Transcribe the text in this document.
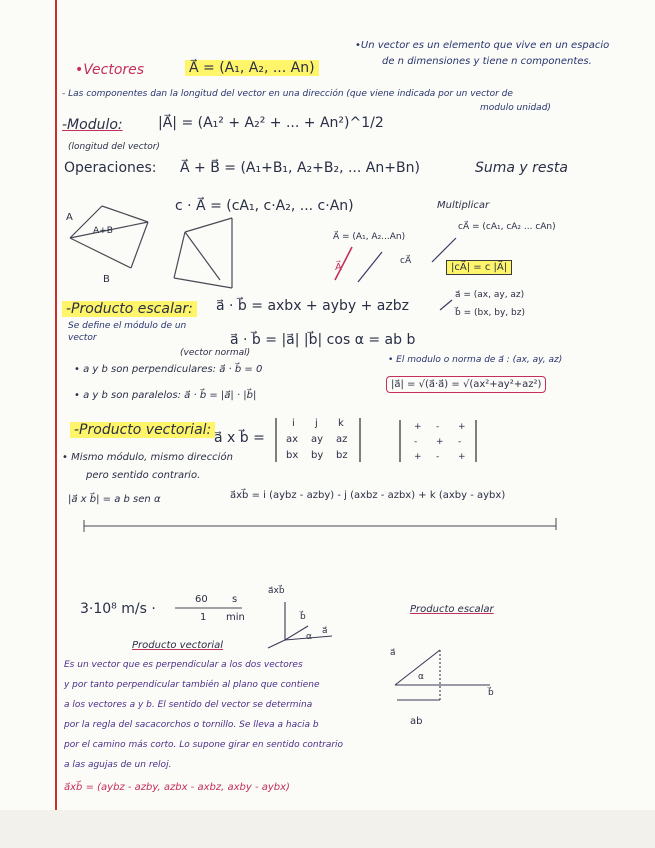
•Un vector es un elemento que vive en un espacio
de n dimensiones y tiene n componentes.
•Vectores	A⃗ = (A₁, A₂, ... An)
- Las componentes dan la longitud del vector en una dirección (que viene indicada por un vector de
modulo unidad)
-Modulo:	|A⃗| = (A₁² + A₂² + ... + An²)^1/2
(longitud del vector)
Operaciones: A⃗ + B⃗ = (A₁+B₁, A₂+B₂, ... An+Bn)	Suma y resta
c · A⃗ = (cA₁, c·A₂, ... c·An)	Multiplicar
A
A+B
B
A⃗ = (A₁, A₂...An)
A⃗
cA⃗
cA⃗ = (cA₁, cA₂ ... cAn)
|cA⃗| = c |A⃗|
-Producto escalar: a⃗ · b⃗ = axbx + ayby + azbz
Se define el módulo de un
vector
a⃗ = (ax, ay, az)
b⃗ = (bx, by, bz)
a⃗ · b⃗ = |a⃗| |b⃗| cos α = ab b
(vector normal)
• a y b son perpendiculares: a⃗ · b⃗ = 0
• El modulo o norma de a⃗ : (ax, ay, az)
|a⃗| = √(a⃗·a⃗) = √(ax²+ay²+az²)
• a y b son paralelos: a⃗ · b⃗ = |a⃗| · |b⃗|
-Producto vectorial: a⃗ x b⃗ =
i j k
ax ay az
bx by bz
+ - +
- + -
+ - +
• Mismo módulo, mismo dirección
pero sentido contrario.
|a⃗ x b⃗| = a b sen α	a⃗xb⃗ = i (aybz - azby) - j (axbz - azbx) + k (axby - aybx)
3·10⁸ m/s ·
60 s
1 min
a⃗xb⃗
b⃗
a⃗
α
Producto vectorial
Producto escalar
a⃗
b⃗
α
ab
Es un vector que es perpendicular a los dos vectores
y por tanto perpendicular también al plano que contiene
a los vectores a y b. El sentido del vector se determina
por la regla del sacacorchos o tornillo. Se lleva a hacia b
por el camino más corto. Lo supone girar en sentido contrario
a las agujas de un reloj.
a⃗xb⃗ = (aybz - azby, azbx - axbz, axby - aybx)
